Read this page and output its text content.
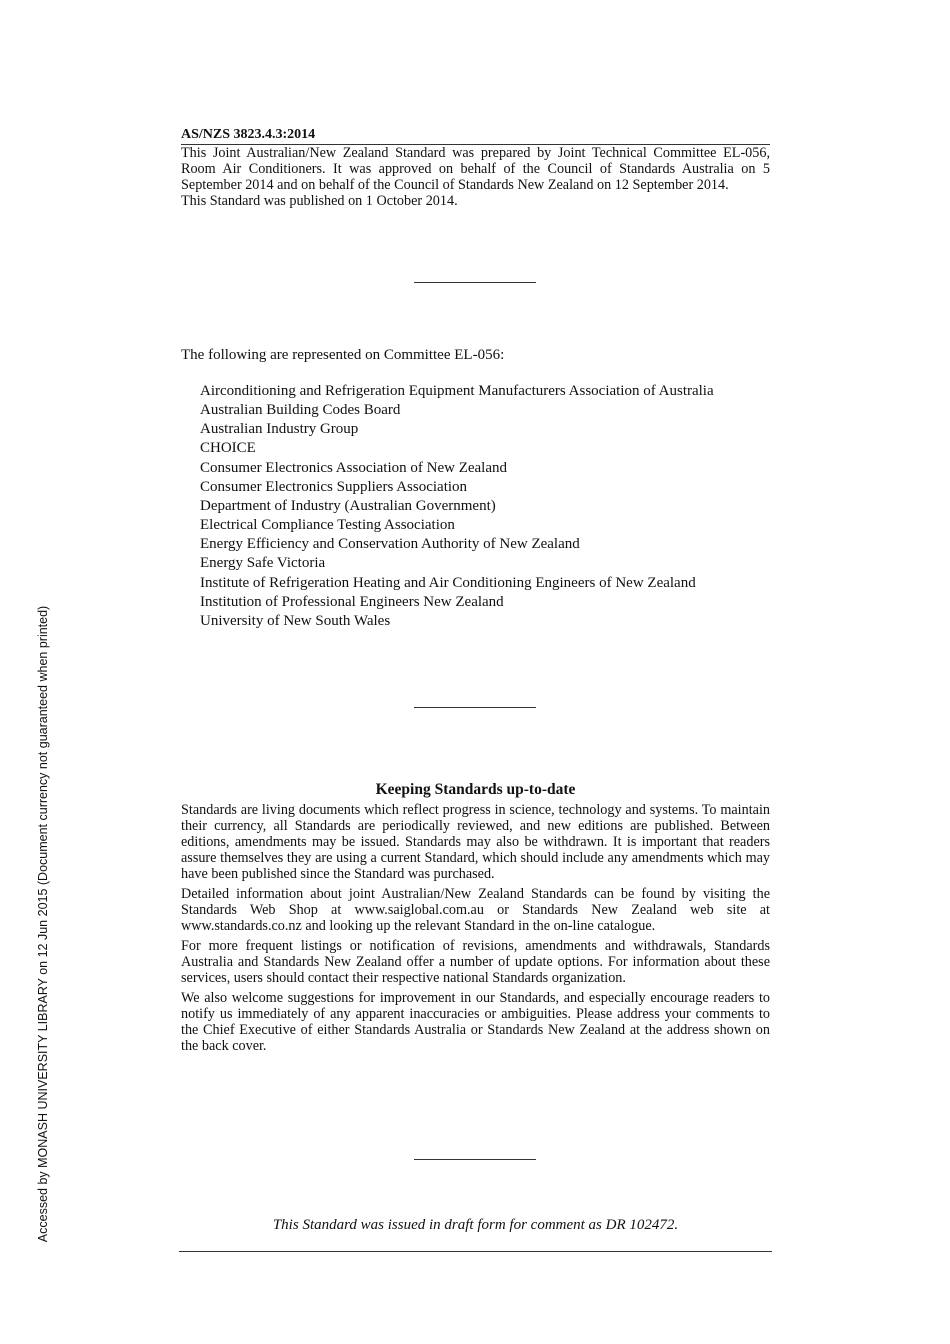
Accessed by MONASH UNIVERSITY LIBRARY on 12 Jun 2015 (Document currency not guaranteed when printed)
AS/NZS 3823.4.3:2014

This Joint Australian/New Zealand Standard was prepared by Joint Technical Committee EL-056, Room Air Conditioners. It was approved on behalf of the Council of Standards Australia on 5 September 2014 and on behalf of the Council of Standards New Zealand on 12 September 2014.

This Standard was published on 1 October 2014.

The following are represented on Committee EL-056:

Airconditioning and Refrigeration Equipment Manufacturers Association of Australia
Australian Building Codes Board
Australian Industry Group
CHOICE
Consumer Electronics Association of New Zealand
Consumer Electronics Suppliers Association
Department of Industry (Australian Government)
Electrical Compliance Testing Association
Energy Efficiency and Conservation Authority of New Zealand
Energy Safe Victoria
Institute of Refrigeration Heating and Air Conditioning Engineers of New Zealand
Institution of Professional Engineers New Zealand
University of New South Wales
Keeping Standards up-to-date

Standards are living documents which reflect progress in science, technology and systems. To maintain their currency, all Standards are periodically reviewed, and new editions are published. Between editions, amendments may be issued. Standards may also be withdrawn. It is important that readers assure themselves they are using a current Standard, which should include any amendments which may have been published since the Standard was purchased.

Detailed information about joint Australian/New Zealand Standards can be found by visiting the Standards Web Shop at www.saiglobal.com.au or Standards New Zealand web site at www.standards.co.nz and looking up the relevant Standard in the on-line catalogue.

For more frequent listings or notification of revisions, amendments and withdrawals, Standards Australia and Standards New Zealand offer a number of update options. For information about these services, users should contact their respective national Standards organization.

We also welcome suggestions for improvement in our Standards, and especially encourage readers to notify us immediately of any apparent inaccuracies or ambiguities. Please address your comments to the Chief Executive of either Standards Australia or Standards New Zealand at the address shown on the back cover.

This Standard was issued in draft form for comment as DR 102472.
